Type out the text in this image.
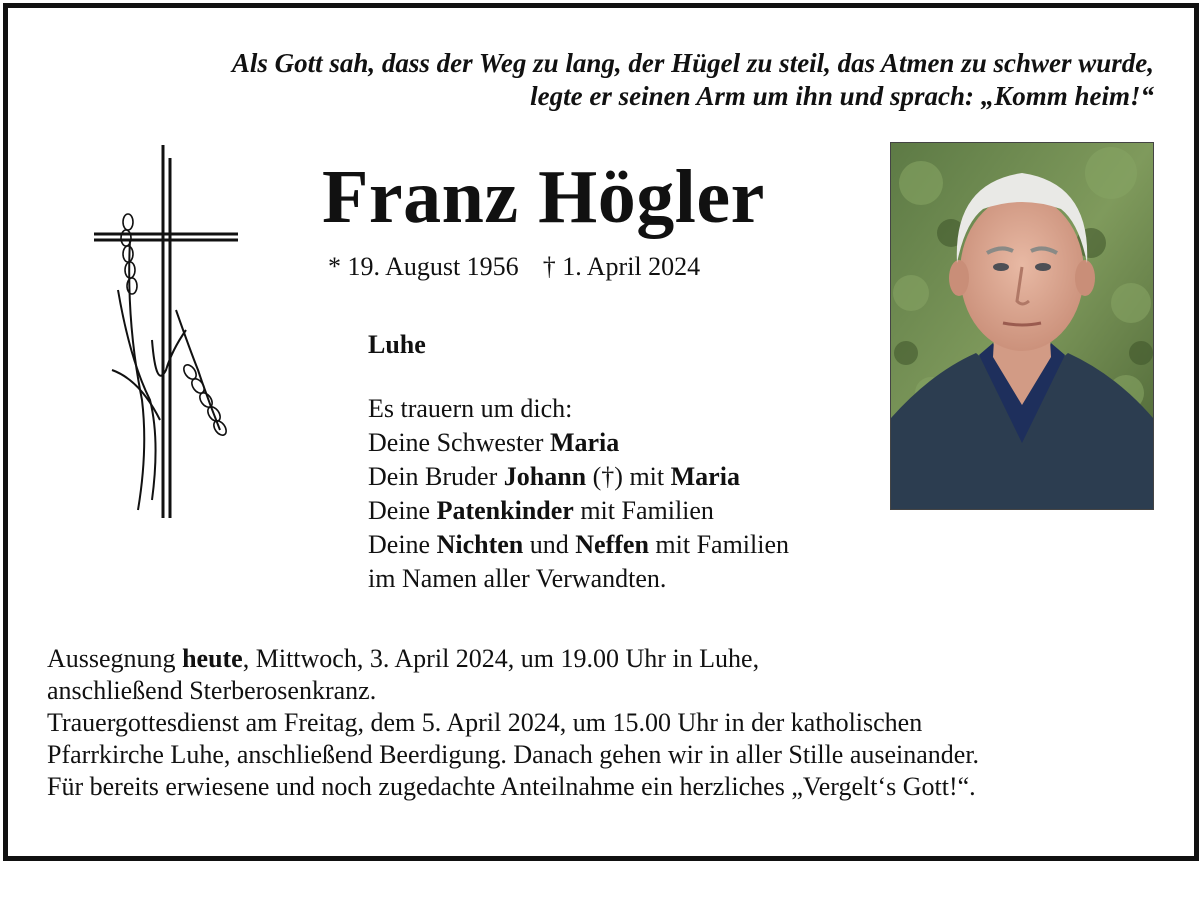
Als Gott sah, dass der Weg zu lang, der Hügel zu steil, das Atmen zu schwer wurde,
legte er seinen Arm um ihn und sprach: „Komm heim!“
Franz Högler
* 19. August 1956 † 1. April 2024
Luhe
Es trauern um dich:
Deine Schwester Maria
Dein Bruder Johann (†) mit Maria
Deine Patenkinder mit Familien
Deine Nichten und Neffen mit Familien
im Namen aller Verwandten.
Aussegnung heute, Mittwoch, 3. April 2024, um 19.00 Uhr in Luhe,
anschließend Sterberosenkranz.
Trauergottesdienst am Freitag, dem 5. April 2024, um 15.00 Uhr in der katholischen
Pfarrkirche Luhe, anschließend Beerdigung. Danach gehen wir in aller Stille auseinander.
Für bereits erwiesene und noch zugedachte Anteilnahme ein herzliches „Vergelt‘s Gott!“.
